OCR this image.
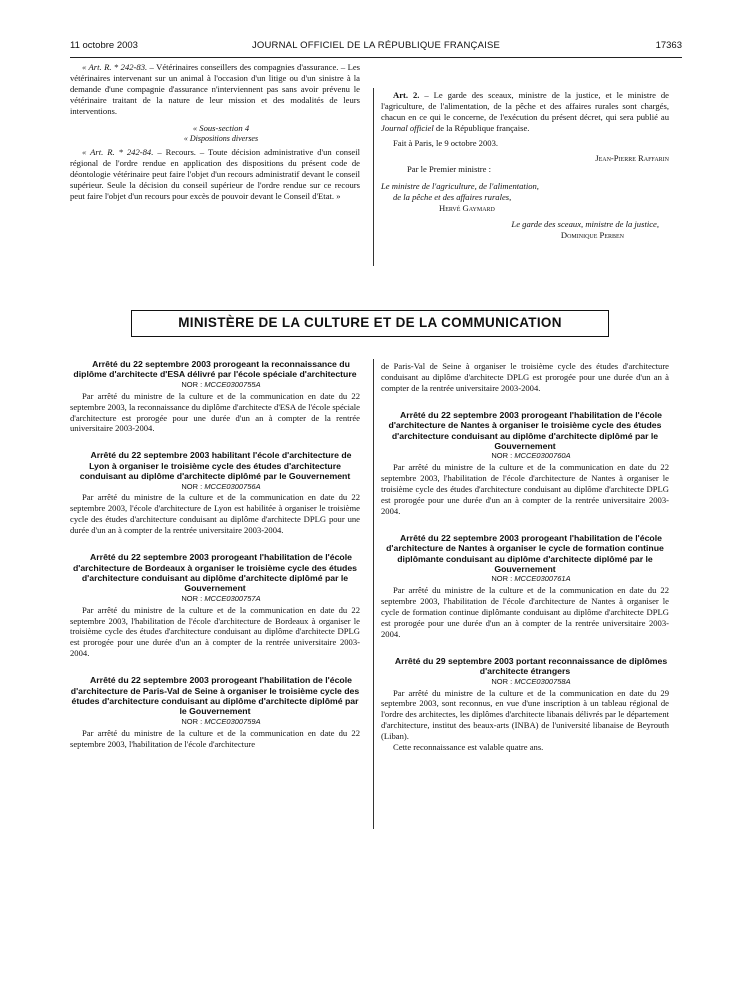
11 octobre 2003	JOURNAL OFFICIEL DE LA RÉPUBLIQUE FRANÇAISE	17363

« Art. R. * 242-83. – Vétérinaires conseillers des compagnies d'assurance. – Les vétérinaires intervenant sur un animal à l'occasion d'un litige ou d'un sinistre à la demande d'une compagnie d'assurance n'interviennent pas sans avoir prévenu le vétérinaire traitant de la nature de leur mission et des modalités de leurs interventions.

« Sous-section 4

« Dispositions diverses

« Art. R. * 242-84. – Recours. – Toute décision administrative d'un conseil régional de l'ordre rendue en application des dispositions du présent code de déontologie vétérinaire peut faire l'objet d'un recours administratif devant le conseil supérieur. Seule la décision du conseil supérieur de l'ordre rendue sur ce recours peut faire l'objet d'un recours pour excès de pouvoir devant le Conseil d'Etat. »

Art. 2. – Le garde des sceaux, ministre de la justice, et le ministre de l'agriculture, de l'alimentation, de la pêche et des affaires rurales sont chargés, chacun en ce qui le concerne, de l'exécution du présent décret, qui sera publié au Journal officiel de la République française.

Fait à Paris, le 9 octobre 2003.

Jean-Pierre Raffarin

Par le Premier ministre :

Le ministre de l'agriculture, de l'alimentation,

de la pêche et des affaires rurales,

Hervé Gaymard

Le garde des sceaux, ministre de la justice,

Dominique Perben

MINISTÈRE DE LA CULTURE ET DE LA COMMUNICATION

Arrêté du 22 septembre 2003 prorogeant la reconnaissance du diplôme d'architecte d'ESA délivré par l'école spéciale d'architecture

NOR : MCCE0300755A

Par arrêté du ministre de la culture et de la communication en date du 22 septembre 2003, la reconnaissance du diplôme d'architecte d'ESA de l'école spéciale d'architecture est prorogée pour une durée d'un an à compter de la rentrée universitaire 2003-2004.

Arrêté du 22 septembre 2003 habilitant l'école d'architecture de Lyon à organiser le troisième cycle des études d'architecture conduisant au diplôme d'architecte diplômé par le Gouvernement

NOR : MCCE0300756A

Par arrêté du ministre de la culture et de la communication en date du 22 septembre 2003, l'école d'architecture de Lyon est habilitée à organiser le troisième cycle des études d'architecture conduisant au diplôme d'architecte DPLG pour une durée d'un an à compter de la rentrée universitaire 2003-2004.

Arrêté du 22 septembre 2003 prorogeant l'habilitation de l'école d'architecture de Bordeaux à organiser le troisième cycle des études d'architecture conduisant au diplôme d'architecte diplômé par le Gouvernement

NOR : MCCE0300757A

Par arrêté du ministre de la culture et de la communication en date du 22 septembre 2003, l'habilitation de l'école d'architecture de Bordeaux à organiser le troisième cycle des études d'architecture conduisant au diplôme d'architecte DPLG est prorogée pour une durée d'un an à compter de la rentrée universitaire 2003-2004.

Arrêté du 22 septembre 2003 prorogeant l'habilitation de l'école d'architecture de Paris-Val de Seine à organiser le troisième cycle des études d'architecture conduisant au diplôme d'architecte diplômé par le Gouvernement

NOR : MCCE0300759A

Par arrêté du ministre de la culture et de la communication en date du 22 septembre 2003, l'habilitation de l'école d'architecture

de Paris-Val de Seine à organiser le troisième cycle des études d'architecture conduisant au diplôme d'architecte DPLG est prorogée pour une durée d'un an à compter de la rentrée universitaire 2003-2004.

Arrêté du 22 septembre 2003 prorogeant l'habilitation de l'école d'architecture de Nantes à organiser le troisième cycle des études d'architecture conduisant au diplôme d'architecte diplômé par le Gouvernement

NOR : MCCE0300760A

Par arrêté du ministre de la culture et de la communication en date du 22 septembre 2003, l'habilitation de l'école d'architecture de Nantes à organiser le troisième cycle des études d'architecture conduisant au diplôme d'architecte DPLG est prorogée pour une durée d'un an à compter de la rentrée universitaire 2003-2004.

Arrêté du 22 septembre 2003 prorogeant l'habilitation de l'école d'architecture de Nantes à organiser le cycle de formation continue diplômante conduisant au diplôme d'architecte diplômé par le Gouvernement

NOR : MCCE0300761A

Par arrêté du ministre de la culture et de la communication en date du 22 septembre 2003, l'habilitation de l'école d'architecture de Nantes à organiser le cycle de formation continue diplômante conduisant au diplôme d'architecte DPLG est prorogée pour une durée d'un an à compter de la rentrée universitaire 2003-2004.

Arrêté du 29 septembre 2003 portant reconnaissance de diplômes d'architecte étrangers

NOR : MCCE0300758A

Par arrêté du ministre de la culture et de la communication en date du 29 septembre 2003, sont reconnus, en vue d'une inscription à un tableau régional de l'ordre des architectes, les diplômes d'architecte libanais délivrés par le département d'architecture, institut des beaux-arts (INBA) de l'université libanaise de Beyrouth (Liban).

Cette reconnaissance est valable quatre ans.
